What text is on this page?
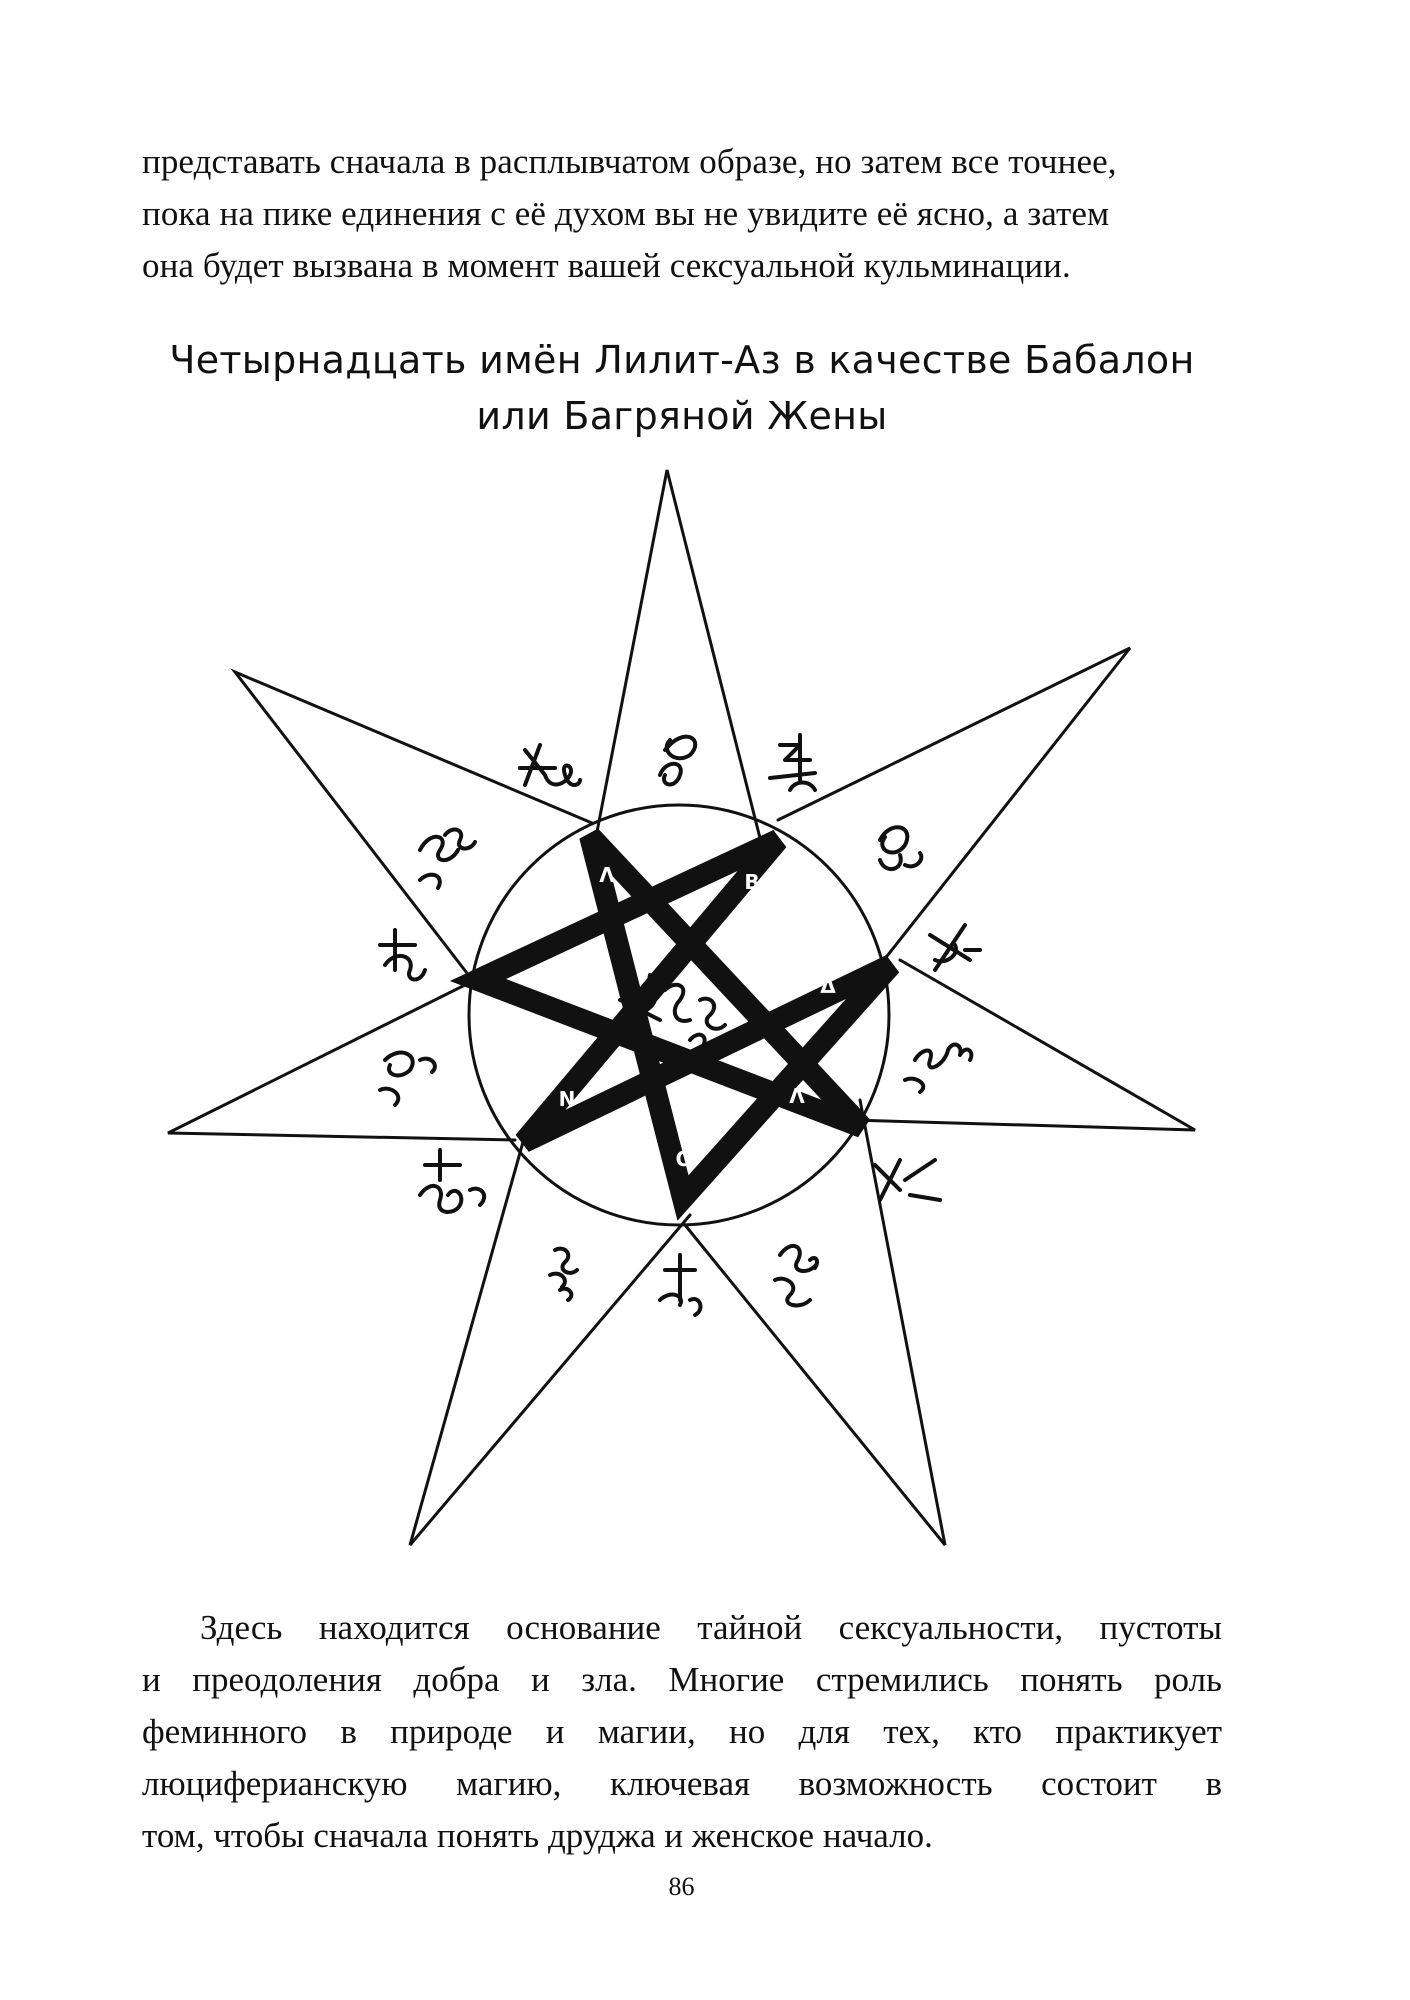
представать сначала в расплывчатом образе, но затем все точнее,
пока на пике единения с её духом вы не увидите её ясно, а затем
она будет вызвана в момент вашей сексуальной кульминации.
Четырнадцать имён Лилит-Аз в качестве Бабалон
или Багряной Жены
Λ	B
Δ
Λ
O
N
B
Здесь находится основание тайной сексуальности, пустоты
и преодоления добра и зла. Многие стремились понять роль
феминного в природе и магии, но для тех, кто практикует
люциферианскую магию, ключевая возможность состоит в
том, чтобы сначала понять друджа и женское начало.
86
